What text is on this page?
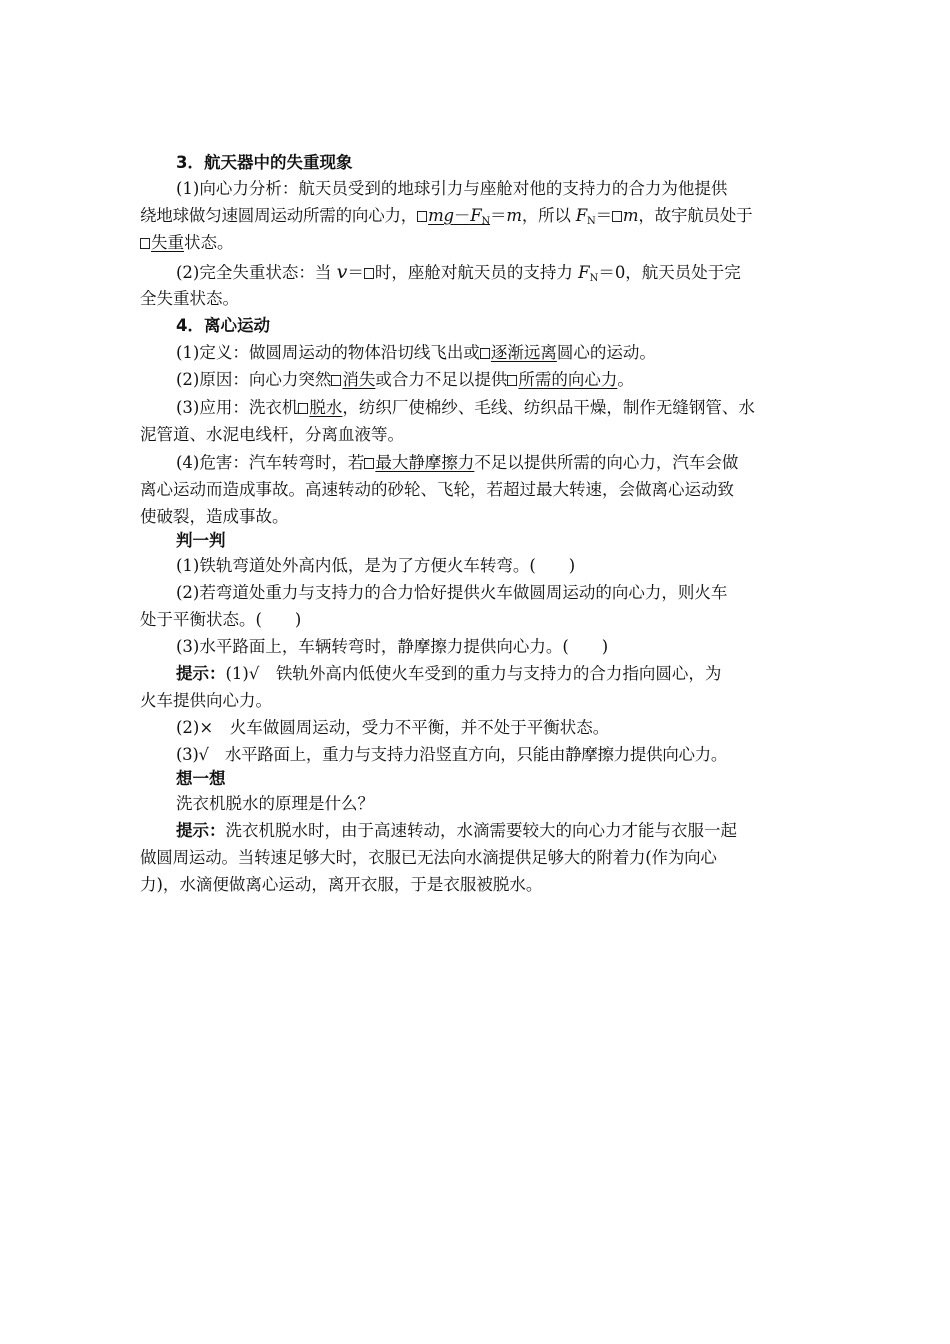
3．航天器中的失重现象
(1)向心力分析：航天员受到的地球引力与座舱对他的支持力的合力为他提供
绕地球做匀速圆周运动所需的向心力， $mg-F_N=m$，所以 $F_N= m$，故宇航员处于
失重状态。
(2)完全失重状态：当 v＝ 时，座舱对航天员的支持力 $F_N=0$，航天员处于完
全失重状态。
4．离心运动
(1)定义：做圆周运动的物体沿切线飞出或 逐渐远离圆心的运动。
(2)原因：向心力突然 消失或合力不足以提供 所需的向心力。
(3)应用：洗衣机 脱水，纺织厂使棉纱、毛线、纺织品干燥，制作无缝钢管、水
泥管道、水泥电线杆，分离血液等。
(4)危害：汽车转弯时，若 最大静摩擦力不足以提供所需的向心力，汽车会做
离心运动而造成事故。高速转动的砂轮、飞轮，若超过最大转速，会做离心运动致
使破裂，造成事故。
判一判
(1)铁轨弯道处外高内低，是为了方便火车转弯。(　　)
(2)若弯道处重力与支持力的合力恰好提供火车做圆周运动的向心力，则火车
处于平衡状态。(　　)
(3)水平路面上，车辆转弯时，静摩擦力提供向心力。(　　)
提示：(1)√　铁轨外高内低使火车受到的重力与支持力的合力指向圆心，为
火车提供向心力。
(2)×　火车做圆周运动，受力不平衡，并不处于平衡状态。
(3)√　水平路面上，重力与支持力沿竖直方向，只能由静摩擦力提供向心力。
想一想
洗衣机脱水的原理是什么？
提示：洗衣机脱水时，由于高速转动，水滴需要较大的向心力才能与衣服一起
做圆周运动。当转速足够大时，衣服已无法向水滴提供足够大的附着力(作为向心
力)，水滴便做离心运动，离开衣服，于是衣服被脱水。
